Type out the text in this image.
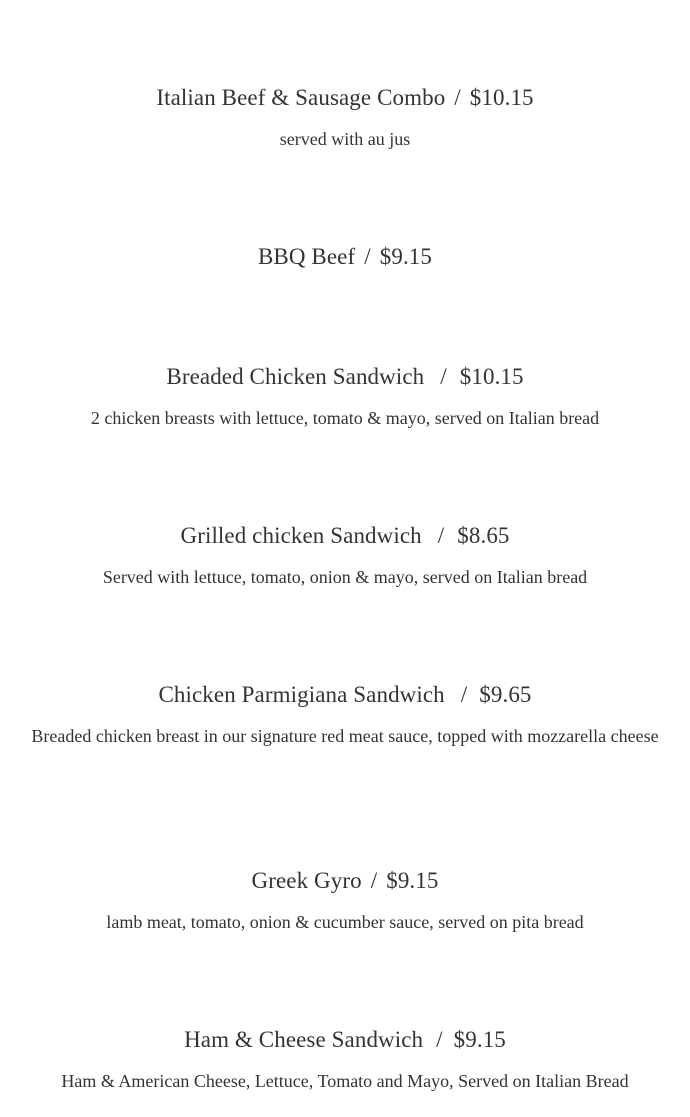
Italian Beef & Sausage Combo / $10.15
served with au jus
BBQ Beef / $9.15
Breaded Chicken Sandwich / $10.15
2 chicken breasts with lettuce, tomato & mayo, served on Italian bread
Grilled chicken Sandwich / $8.65
Served with lettuce, tomato, onion & mayo, served on Italian bread
Chicken Parmigiana Sandwich / $9.65
Breaded chicken breast in our signature red meat sauce, topped with mozzarella cheese
Greek Gyro / $9.15
lamb meat, tomato, onion & cucumber sauce, served on pita bread
Ham & Cheese Sandwich / $9.15
Ham & American Cheese, Lettuce, Tomato and Mayo, Served on Italian Bread
